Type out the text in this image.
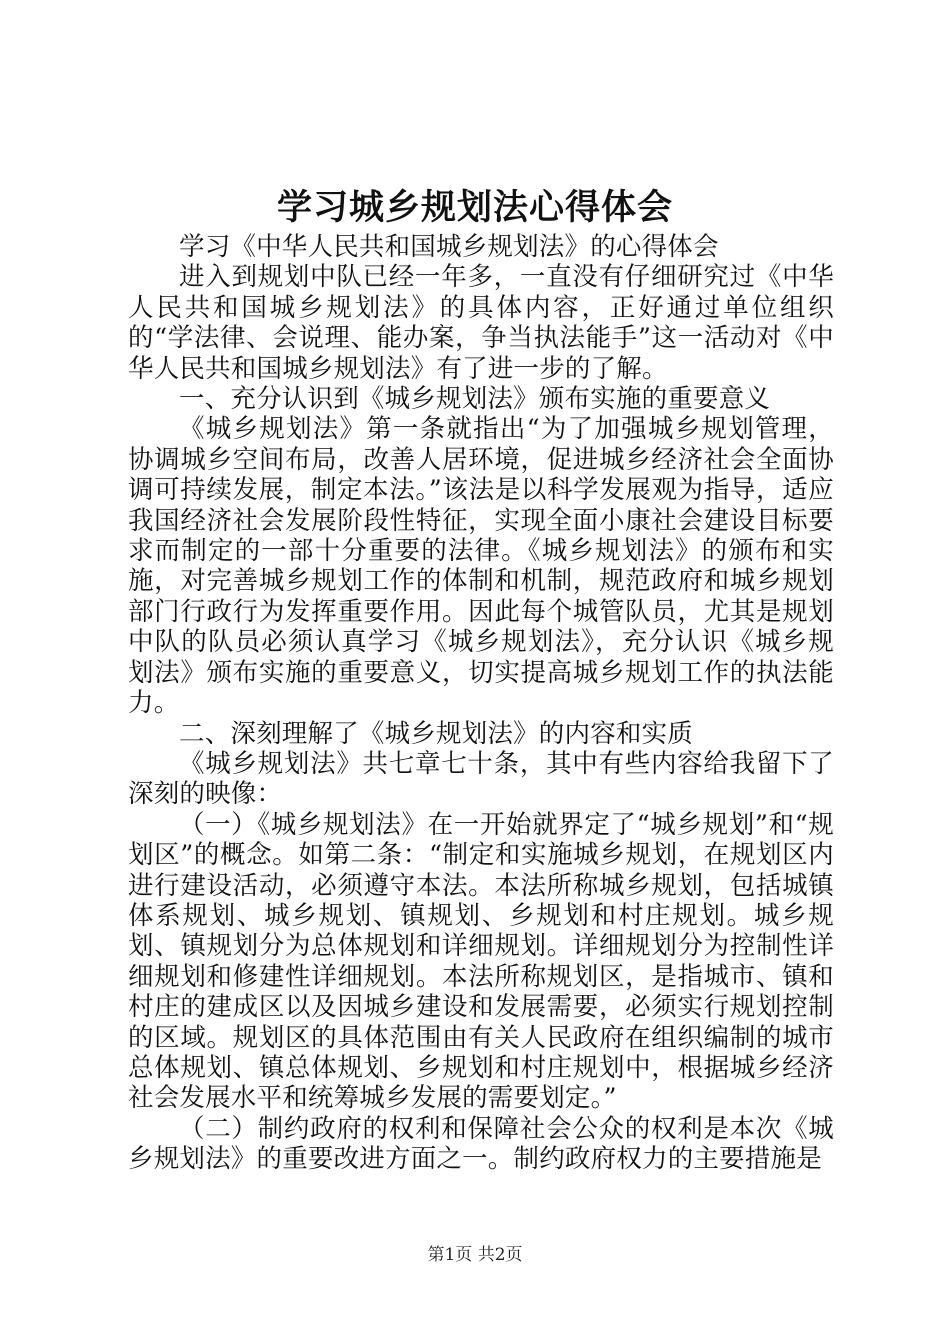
学习城乡规划法心得体会

学习《中华人民共和国城乡规划法》的心得体会

进入到规划中队已经一年多，一直没有仔细研究过《中华人民共和国城乡规划法》的具体内容，正好通过单位组织的“学法律、会说理、能办案，争当执法能手”这一活动对《中华人民共和国城乡规划法》有了进一步的了解。

一、充分认识到《城乡规划法》颁布实施的重要意义

《城乡规划法》第一条就指出“为了加强城乡规划管理，协调城乡空间布局，改善人居环境，促进城乡经济社会全面协调可持续发展，制定本法。”该法是以科学发展观为指导，适应我国经济社会发展阶段性特征，实现全面小康社会建设目标要求而制定的一部十分重要的法律。《城乡规划法》的颁布和实施，对完善城乡规划工作的体制和机制，规范政府和城乡规划部门行政行为发挥重要作用。因此每个城管队员，尤其是规划中队的队员必须认真学习《城乡规划法》，充分认识《城乡规划法》颁布实施的重要意义，切实提高城乡规划工作的执法能力。

二、深刻理解了《城乡规划法》的内容和实质

《城乡规划法》共七章七十条，其中有些内容给我留下了深刻的映像：

（一）《城乡规划法》在一开始就界定了“城乡规划”和“规划区”的概念。如第二条：“制定和实施城乡规划，在规划区内进行建设活动，必须遵守本法。本法所称城乡规划，包括城镇体系规划、城乡规划、镇规划、乡规划和村庄规划。城乡规划、镇规划分为总体规划和详细规划。详细规划分为控制性详细规划和修建性详细规划。本法所称规划区，是指城市、镇和村庄的建成区以及因城乡建设和发展需要，必须实行规划控制的区域。规划区的具体范围由有关人民政府在组织编制的城市总体规划、镇总体规划、乡规划和村庄规划中，根据城乡经济社会发展水平和统筹城乡发展的需要划定。”

（二）制约政府的权利和保障社会公众的权利是本次《城乡规划法》的重要改进方面之一。制约政府权力的主要措施是

第1页 共2页
